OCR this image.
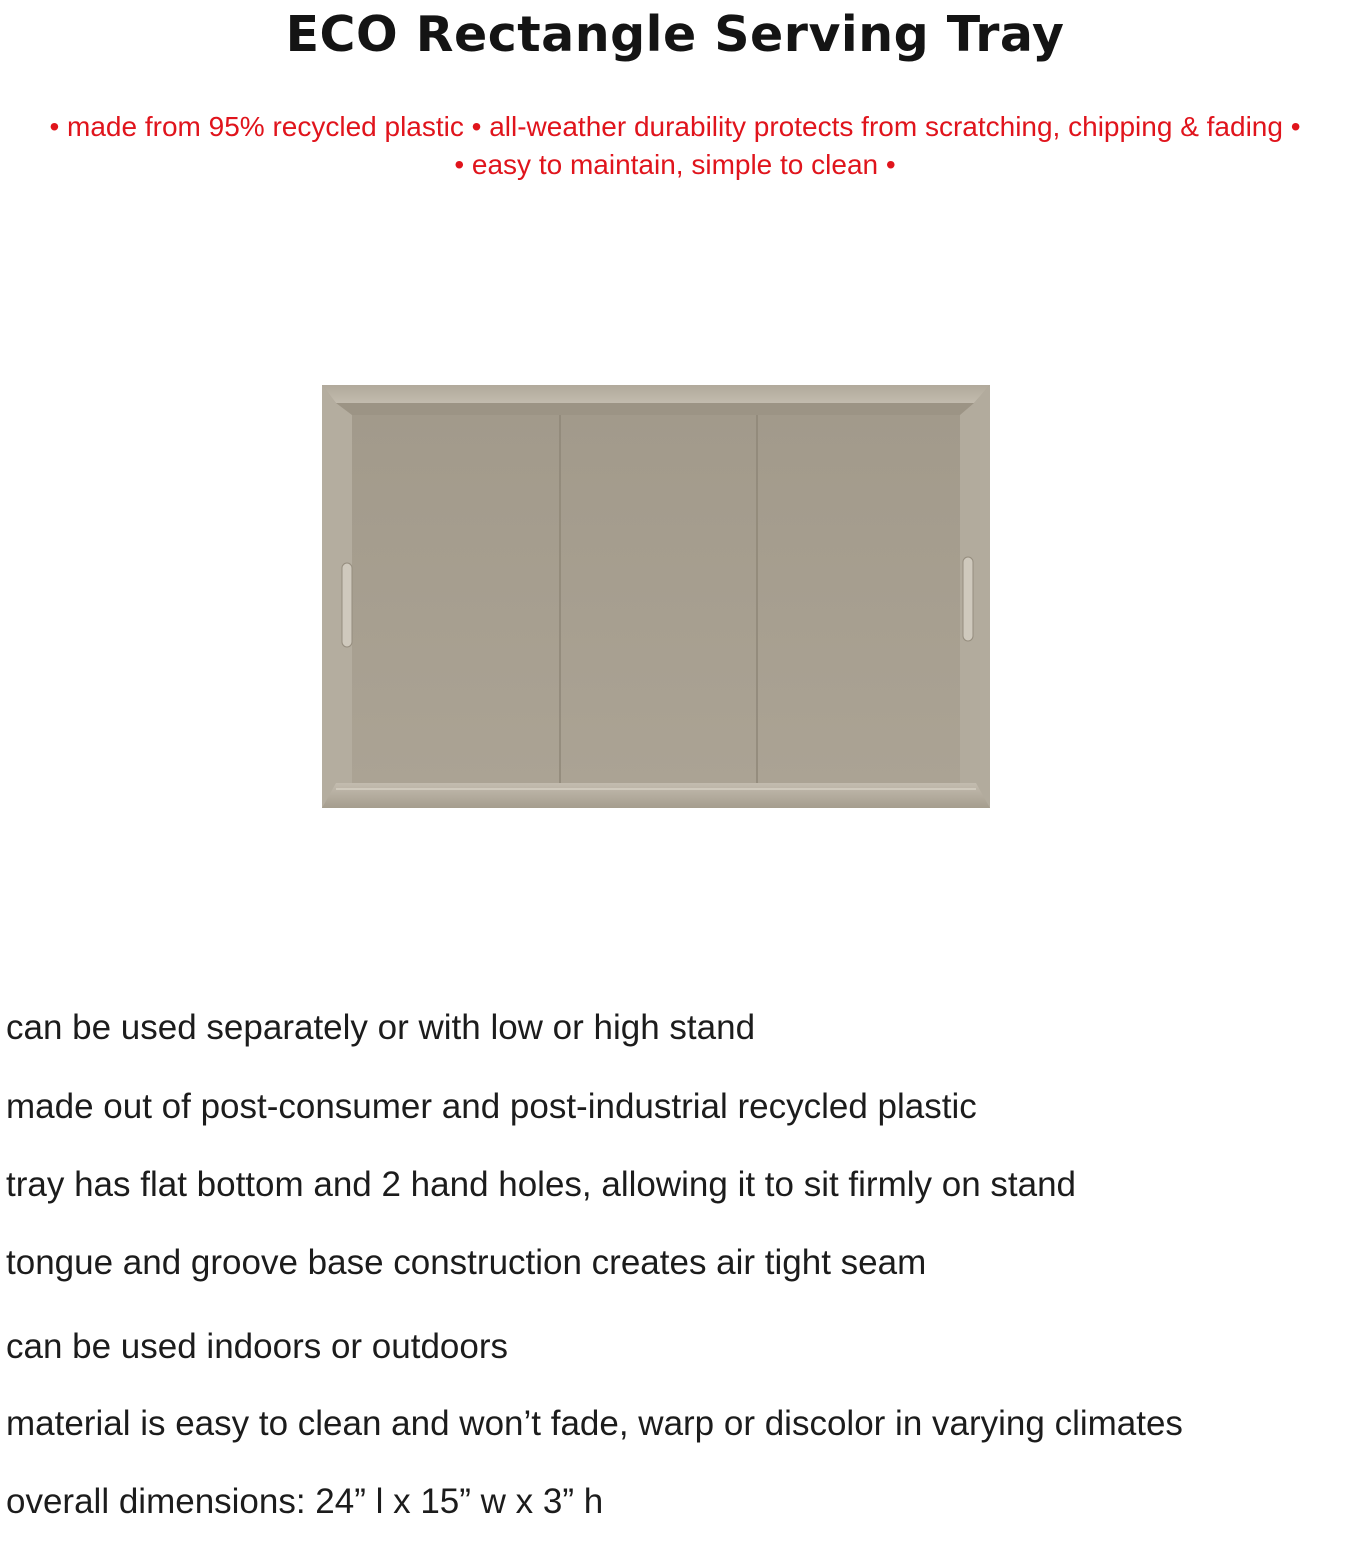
ECO Rectangle Serving Tray

• made from 95% recycled plastic • all-weather durability protects from scratching, chipping & fading •

• easy to maintain, simple to clean •

can be used separately or with low or high stand
made out of post-consumer and post-industrial recycled plastic
tray has flat bottom and 2 hand holes, allowing it to sit firmly on stand
tongue and groove base construction creates air tight seam
can be used indoors or outdoors
material is easy to clean and won’t fade, warp or discolor in varying climates
overall dimensions: 24” l x 15” w x 3” h
